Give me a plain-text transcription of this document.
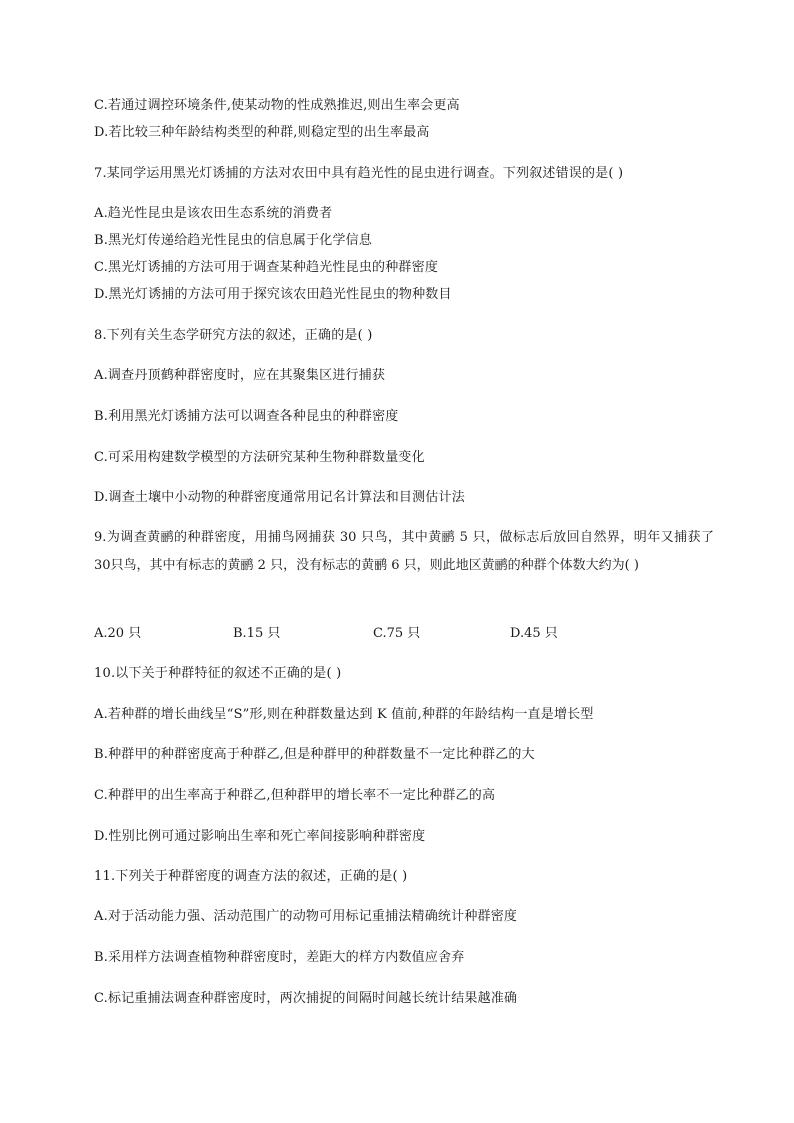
C.若通过调控环境条件,使某动物的性成熟推迟,则出生率会更高
D.若比较三种年龄结构类型的种群,则稳定型的出生率最高
7.某同学运用黑光灯诱捕的方法对农田中具有趋光性的昆虫进行调查。下列叙述错误的是( )
A.趋光性昆虫是该农田生态系统的消费者
B.黑光灯传递给趋光性昆虫的信息属于化学信息
C.黑光灯诱捕的方法可用于调查某种趋光性昆虫的种群密度
D.黑光灯诱捕的方法可用于探究该农田趋光性昆虫的物种数目
8.下列有关生态学研究方法的叙述，正确的是( )
A.调查丹顶鹤种群密度时，应在其聚集区进行捕获
B.利用黑光灯诱捕方法可以调查各种昆虫的种群密度
C.可采用构建数学模型的方法研究某种生物种群数量变化
D.调查土壤中小动物的种群密度通常用记名计算法和目测估计法
9.为调查黄鹂的种群密度，用捕鸟网捕获 30 只鸟，其中黄鹂 5 只，做标志后放回自然界，明年又捕获了 30只鸟，其中有标志的黄鹂 2 只，没有标志的黄鹂 6 只，则此地区黄鹂的种群个体数大约为( )
A.20 只	B.15 只	C.75 只	D.45 只
10.以下关于种群特征的叙述不正确的是( )
A.若种群的增长曲线呈“S”形,则在种群数量达到 K 值前,种群的年龄结构一直是增长型
B.种群甲的种群密度高于种群乙,但是种群甲的种群数量不一定比种群乙的大
C.种群甲的出生率高于种群乙,但种群甲的增长率不一定比种群乙的高
D.性别比例可通过影响出生率和死亡率间接影响种群密度
11.下列关于种群密度的调查方法的叙述，正确的是( )
A.对于活动能力强、活动范围广的动物可用标记重捕法精确统计种群密度
B.采用样方法调查植物种群密度时，差距大的样方内数值应舍弃
C.标记重捕法调查种群密度时，两次捕捉的间隔时间越长统计结果越准确
